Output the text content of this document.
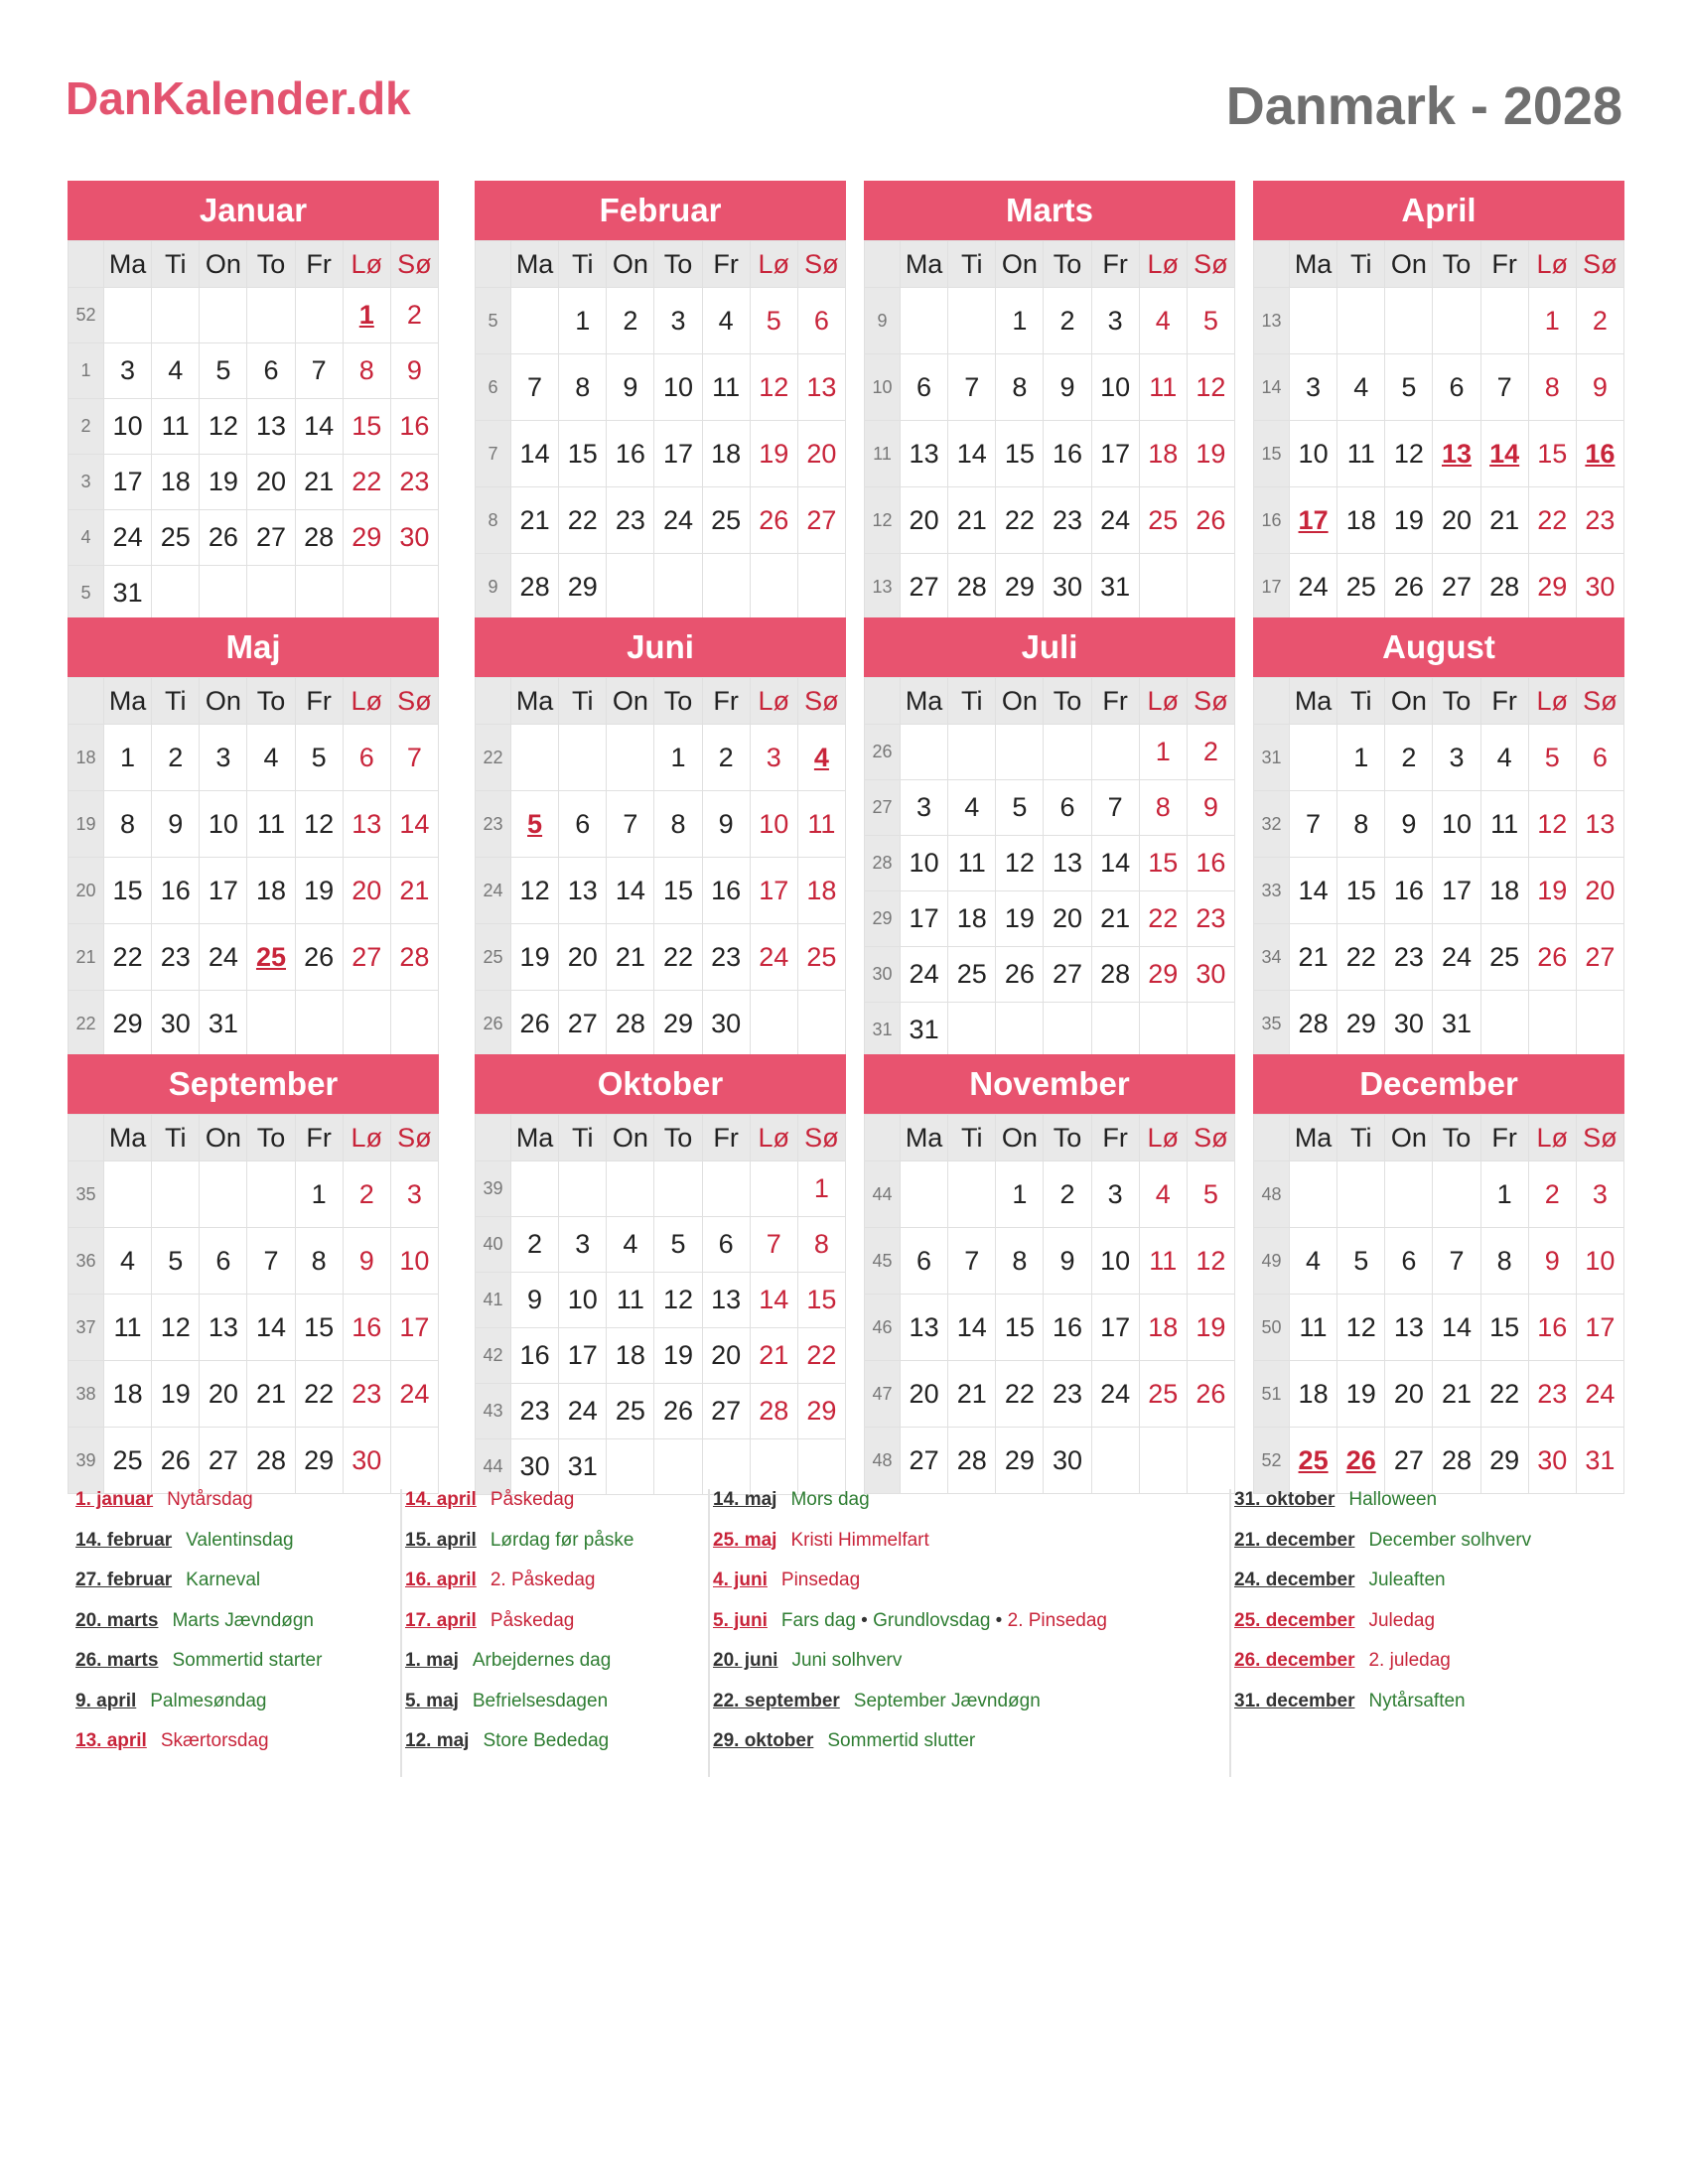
DanKalender.dk	Danmark - 2028
Januar
	Ma	Ti	On	To	Fr	Lø	Sø
52						1	2
1	3	4	5	6	7	8	9
2	10	11	12	13	14	15	16
3	17	18	19	20	21	22	23
4	24	25	26	27	28	29	30
5	31						
Februar
	Ma	Ti	On	To	Fr	Lø	Sø
5		1	2	3	4	5	6
6	7	8	9	10	11	12	13
7	14	15	16	17	18	19	20
8	21	22	23	24	25	26	27
9	28	29					
Marts
	Ma	Ti	On	To	Fr	Lø	Sø
9			1	2	3	4	5
10	6	7	8	9	10	11	12
11	13	14	15	16	17	18	19
12	20	21	22	23	24	25	26
13	27	28	29	30	31		
April
	Ma	Ti	On	To	Fr	Lø	Sø
13						1	2
14	3	4	5	6	7	8	9
15	10	11	12	13	14	15	16
16	17	18	19	20	21	22	23
17	24	25	26	27	28	29	30
Maj
	Ma	Ti	On	To	Fr	Lø	Sø
18	1	2	3	4	5	6	7
19	8	9	10	11	12	13	14
20	15	16	17	18	19	20	21
21	22	23	24	25	26	27	28
22	29	30	31				
Juni
	Ma	Ti	On	To	Fr	Lø	Sø
22				1	2	3	4
23	5	6	7	8	9	10	11
24	12	13	14	15	16	17	18
25	19	20	21	22	23	24	25
26	26	27	28	29	30		
Juli
	Ma	Ti	On	To	Fr	Lø	Sø
26						1	2
27	3	4	5	6	7	8	9
28	10	11	12	13	14	15	16
29	17	18	19	20	21	22	23
30	24	25	26	27	28	29	30
31	31						
August
	Ma	Ti	On	To	Fr	Lø	Sø
31		1	2	3	4	5	6
32	7	8	9	10	11	12	13
33	14	15	16	17	18	19	20
34	21	22	23	24	25	26	27
35	28	29	30	31			
September
	Ma	Ti	On	To	Fr	Lø	Sø
35					1	2	3
36	4	5	6	7	8	9	10
37	11	12	13	14	15	16	17
38	18	19	20	21	22	23	24
39	25	26	27	28	29	30	
Oktober
	Ma	Ti	On	To	Fr	Lø	Sø
39							1
40	2	3	4	5	6	7	8
41	9	10	11	12	13	14	15
42	16	17	18	19	20	21	22
43	23	24	25	26	27	28	29
44	30	31					
November
	Ma	Ti	On	To	Fr	Lø	Sø
44			1	2	3	4	5
45	6	7	8	9	10	11	12
46	13	14	15	16	17	18	19
47	20	21	22	23	24	25	26
48	27	28	29	30			
December
	Ma	Ti	On	To	Fr	Lø	Sø
48					1	2	3
49	4	5	6	7	8	9	10
50	11	12	13	14	15	16	17
51	18	19	20	21	22	23	24
52	25	26	27	28	29	30	31
1. januar Nytårsdag
14. februar Valentinsdag
27. februar Karneval
20. marts Marts Jævndøgn
26. marts Sommertid starter
9. april Palmesøndag
13. april Skærtorsdag
14. april Påskedag
15. april Lørdag før påske
16. april 2. Påskedag
17. april Påskedag
1. maj Arbejdernes dag
5. maj Befrielsesdagen
12. maj Store Bededag
14. maj Mors dag
25. maj Kristi Himmelfart
4. juni Pinsedag
5. juni Fars dag • Grundlovsdag • 2. Pinsedag
20. juni Juni solhverv
22. september September Jævndøgn
29. oktober Sommertid slutter
31. oktober Halloween
21. december December solhverv
24. december Juleaften
25. december Juledag
26. december 2. juledag
31. december Nytårsaften
